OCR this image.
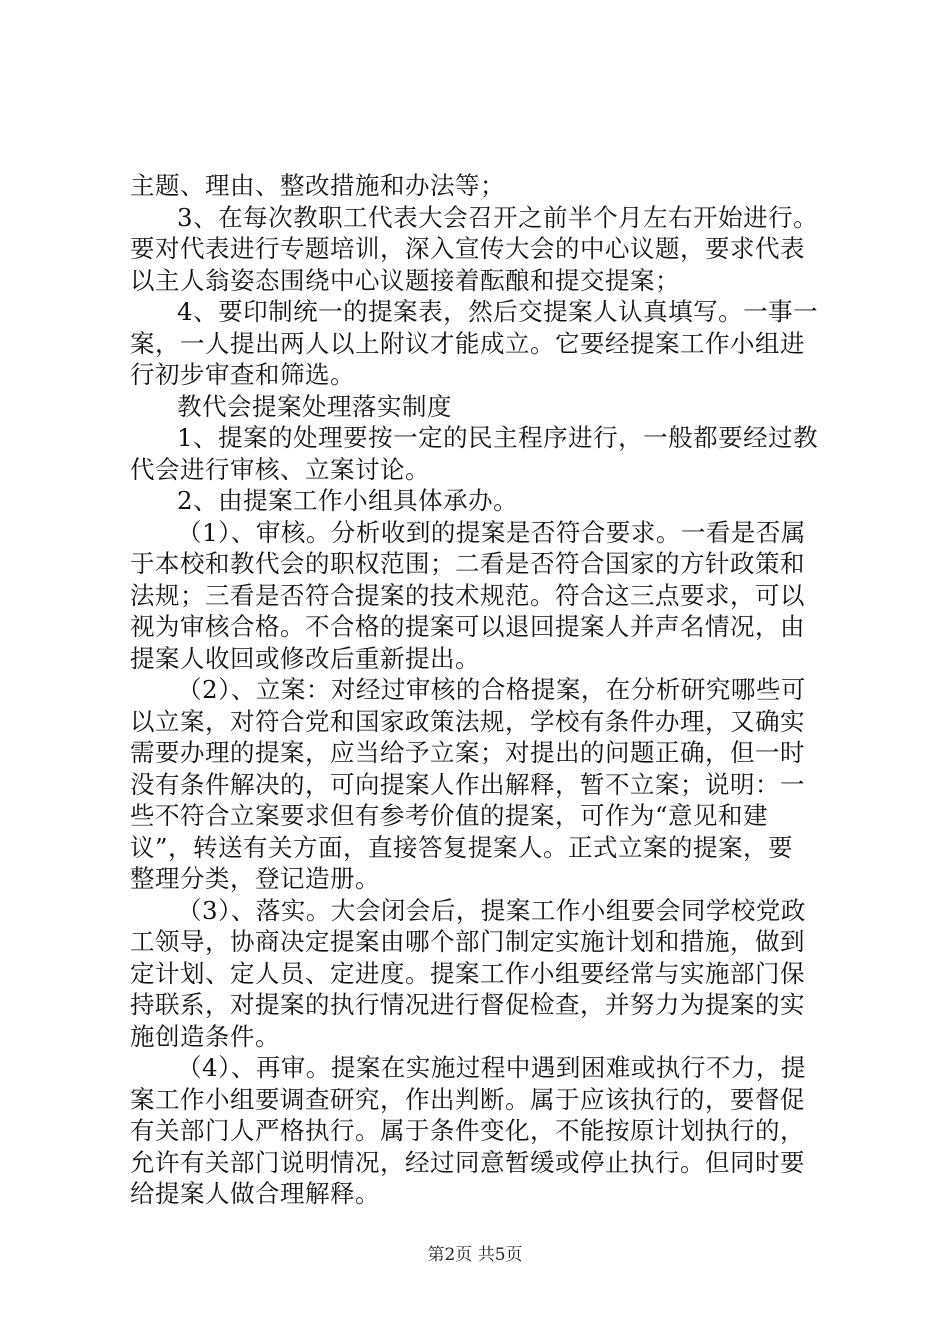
主题、理由、整改措施和办法等；
3、在每次教职工代表大会召开之前半个月左右开始进行。
要对代表进行专题培训，深入宣传大会的中心议题，要求代表
以主人翁姿态围绕中心议题接着酝酿和提交提案；
4、要印制统一的提案表，然后交提案人认真填写。一事一
案，一人提出两人以上附议才能成立。它要经提案工作小组进
行初步审查和筛选。
教代会提案处理落实制度
1、提案的处理要按一定的民主程序进行，一般都要经过教
代会进行审核、立案讨论。
2、由提案工作小组具体承办。
（1）、审核。分析收到的提案是否符合要求。一看是否属
于本校和教代会的职权范围；二看是否符合国家的方针政策和
法规；三看是否符合提案的技术规范。符合这三点要求，可以
视为审核合格。不合格的提案可以退回提案人并声名情况，由
提案人收回或修改后重新提出。
（2）、立案：对经过审核的合格提案，在分析研究哪些可
以立案，对符合党和国家政策法规，学校有条件办理，又确实
需要办理的提案，应当给予立案；对提出的问题正确，但一时
没有条件解决的，可向提案人作出解释，暂不立案；说明：一
些不符合立案要求但有参考价值的提案，可作为“意见和建
议”，转送有关方面，直接答复提案人。正式立案的提案，要
整理分类，登记造册。
（3）、落实。大会闭会后，提案工作小组要会同学校党政
工领导，协商决定提案由哪个部门制定实施计划和措施，做到
定计划、定人员、定进度。提案工作小组要经常与实施部门保
持联系，对提案的执行情况进行督促检查，并努力为提案的实
施创造条件。
（4）、再审。提案在实施过程中遇到困难或执行不力，提
案工作小组要调查研究，作出判断。属于应该执行的，要督促
有关部门人严格执行。属于条件变化，不能按原计划执行的，
允许有关部门说明情况，经过同意暂缓或停止执行。但同时要
给提案人做合理解释。
第2页 共5页
